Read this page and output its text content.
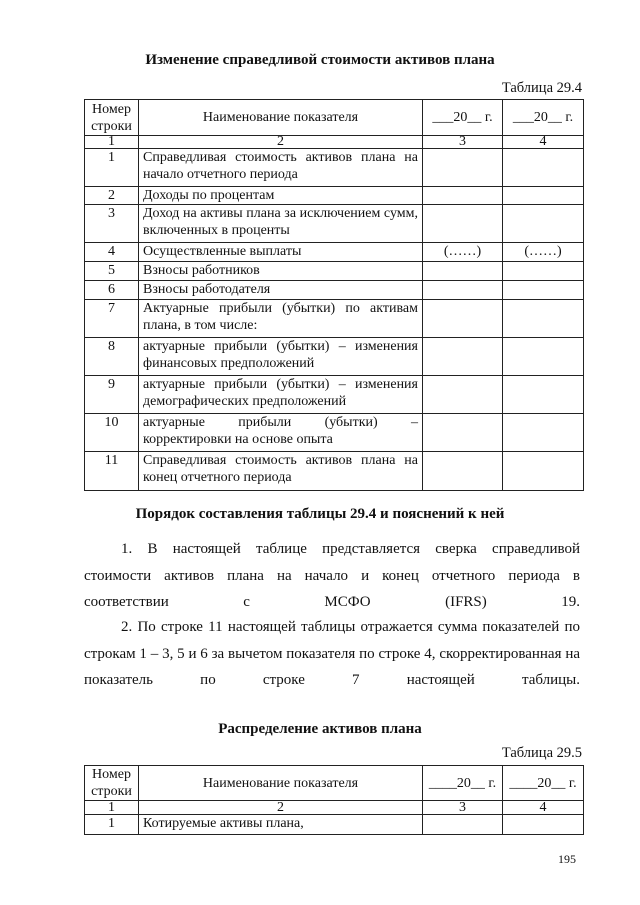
Изменение справедливой стоимости активов плана
Таблица 29.4
Номер строки	Наименование показателя	___20__ г.	___20__ г.
1	2	3	4
1	Справедливая стоимость активов плана на начало отчетного периода		
2	Доходы по процентам		
3	Доход на активы плана за исключением сумм, включенных в проценты		
4	Осуществленные выплаты	(……)	(……)
5	Взносы работников		
6	Взносы работодателя		
7	Актуарные прибыли (убытки) по активам плана, в том числе:		
8	актуарные прибыли (убытки) – изменения финансовых предположений		
9	актуарные прибыли (убытки) – изменения демографических предположений		
10	актуарные прибыли (убытки) – корректировки на основе опыта		
11	Справедливая стоимость активов плана на конец отчетного периода		
Порядок составления таблицы 29.4 и пояснений к ней
1. В настоящей таблице представляется сверка справедливой стоимости активов плана на начало и конец отчетного периода в соответствии с МСФО (IFRS) 19.
2. По строке 11 настоящей таблицы отражается сумма показателей по строкам 1 – 3, 5 и 6 за вычетом показателя по строке 4, скорректированная на показатель по строке 7 настоящей таблицы.
Распределение активов плана
Таблица 29.5
Номер строки	Наименование показателя	____20__ г.	____20__ г.
1	2	3	4
1	Котируемые активы плана,		
195
